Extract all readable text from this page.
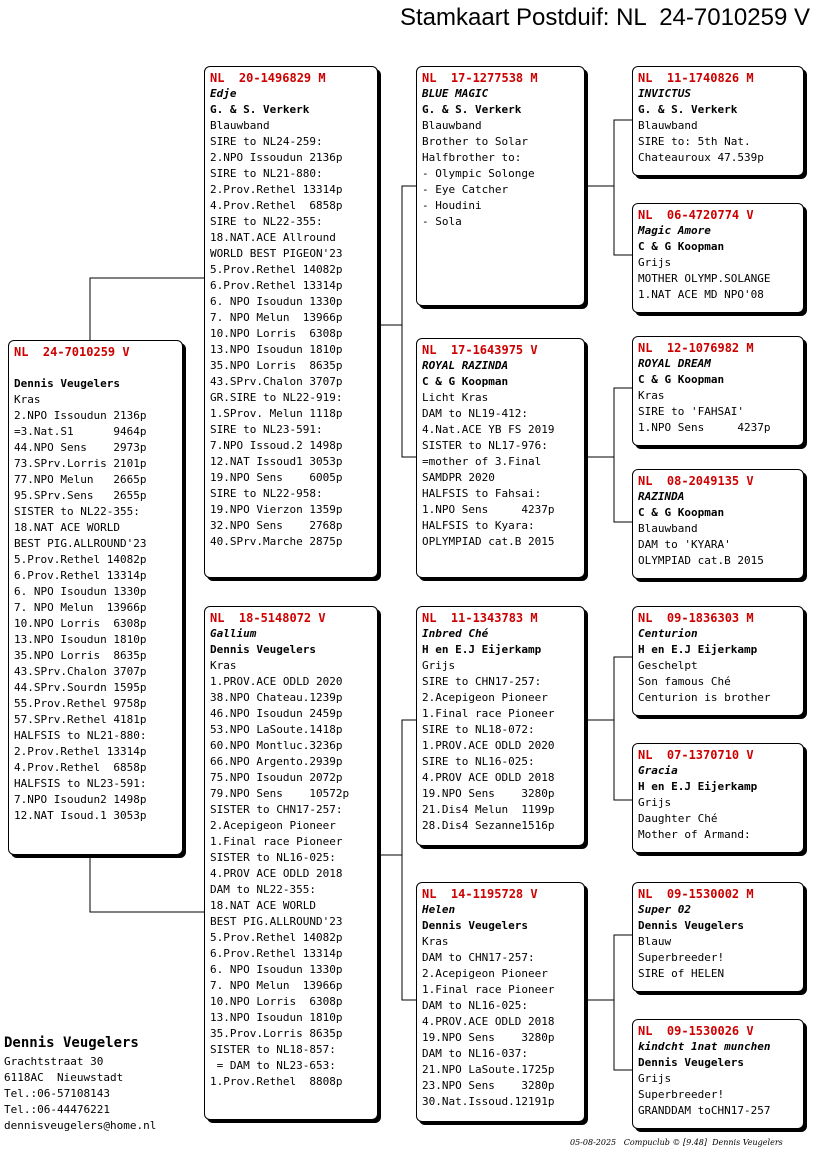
Stamkaart Postduif: NL  24-7010259 V
NL  24-7010259 V

Dennis Veugelers
Kras
2.NPO Issoudun 2136p
=3.Nat.S1      9464p
44.NPO Sens    2973p
73.SPrv.Lorris 2101p
77.NPO Melun   2665p
95.SPrv.Sens   2655p
SISTER to NL22-355:
18.NAT ACE WORLD
BEST PIG.ALLROUND'23
5.Prov.Rethel 14082p
6.Prov.Rethel 13314p
6. NPO Isoudun 1330p
7. NPO Melun  13966p
10.NPO Lorris  6308p
13.NPO Isoudun 1810p
35.NPO Lorris  8635p
43.SPrv.Chalon 3707p
44.SPrv.Sourdn 1595p
55.Prov.Rethel 9758p
57.SPrv.Rethel 4181p
HALFSIS to NL21-880:
2.Prov.Rethel 13314p
4.Prov.Rethel  6858p
HALFSIS to NL23-591:
7.NPO Isoudun2 1498p
12.NAT Isoud.1 3053p
NL  20-1496829 M
Edje
G. & S. Verkerk
Blauwband
SIRE to NL24-259:
2.NPO Issoudun 2136p
SIRE to NL21-880:
2.Prov.Rethel 13314p
4.Prov.Rethel  6858p
SIRE to NL22-355:
18.NAT.ACE Allround
WORLD BEST PIGEON'23
5.Prov.Rethel 14082p
6.Prov.Rethel 13314p
6. NPO Isoudun 1330p
7. NPO Melun  13966p
10.NPO Lorris  6308p
13.NPO Isoudun 1810p
35.NPO Lorris  8635p
43.SPrv.Chalon 3707p
GR.SIRE to NL22-919:
1.SProv. Melun 1118p
SIRE to NL23-591:
7.NPO Issoud.2 1498p
12.NAT Issoud1 3053p
19.NPO Sens    6005p
SIRE to NL22-958:
19.NPO Vierzon 1359p
32.NPO Sens    2768p
40.SPrv.Marche 2875p
NL  18-5148072 V
Gallium
Dennis Veugelers
Kras
1.PROV.ACE ODLD 2020
38.NPO Chateau.1239p
46.NPO Isoudun 2459p
53.NPO LaSoute.1418p
60.NPO Montluc.3236p
66.NPO Argento.2939p
75.NPO Isoudun 2072p
79.NPO Sens    10572p
SISTER to CHN17-257:
2.Acepigeon Pioneer
1.Final race Pioneer
SISTER to NL16-025:
4.PROV ACE ODLD 2018
DAM to NL22-355:
18.NAT ACE WORLD
BEST PIG.ALLROUND'23
5.Prov.Rethel 14082p
6.Prov.Rethel 13314p
6. NPO Isoudun 1330p
7. NPO Melun  13966p
10.NPO Lorris  6308p
13.NPO Isoudun 1810p
35.Prov.Lorris 8635p
SISTER to NL18-857:
= DAM to NL23-653:
1.Prov.Rethel  8808p
NL  17-1277538 M
BLUE MAGIC
G. & S. Verkerk
Blauwband
Brother to Solar
Halfbrother to:
- Olympic Solonge
- Eye Catcher
- Houdini
- Sola
NL  17-1643975 V
ROYAL RAZINDA
C & G Koopman
Licht Kras
DAM to NL19-412:
4.Nat.ACE YB FS 2019
SISTER to NL17-976:
=mother of 3.Final
SAMDPR 2020
HALFSIS to Fahsai:
1.NPO Sens     4237p
HALFSIS to Kyara:
OPLYMPIAD cat.B 2015
NL  11-1343783 M
Inbred Ché
H en E.J Eijerkamp
Grijs
SIRE to CHN17-257:
2.Acepigeon Pioneer
1.Final race Pioneer
SIRE to NL18-072:
1.PROV.ACE ODLD 2020
SIRE to NL16-025:
4.PROV ACE ODLD 2018
19.NPO Sens    3280p
21.Dis4 Melun  1199p
28.Dis4 Sezanne1516p
NL  14-1195728 V
Helen
Dennis Veugelers
Kras
DAM to CHN17-257:
2.Acepigeon Pioneer
1.Final race Pioneer
DAM to NL16-025:
4.PROV.ACE ODLD 2018
19.NPO Sens    3280p
DAM to NL16-037:
21.NPO LaSoute.1725p
23.NPO Sens    3280p
30.Nat.Issoud.12191p
NL  11-1740826 M
INVICTUS
G. & S. Verkerk
Blauwband
SIRE to: 5th Nat.
Chateauroux 47.539p
NL  06-4720774 V
Magic Amore
C & G Koopman
Grijs
MOTHER OLYMP.SOLANGE
1.NAT ACE MD NPO'08
NL  12-1076982 M
ROYAL DREAM
C & G Koopman
Kras
SIRE to 'FAHSAI'
1.NPO Sens     4237p
NL  08-2049135 V
RAZINDA
C & G Koopman
Blauwband
DAM to 'KYARA'
OLYMPIAD cat.B 2015
NL  09-1836303 M
Centurion
H en E.J Eijerkamp
Geschelpt
Son famous Ché
Centurion is brother
NL  07-1370710 V
Gracia
H en E.J Eijerkamp
Grijs
Daughter Ché
Mother of Armand:
NL  09-1530002 M
Super 02
Dennis Veugelers
Blauw
Superbreeder!
SIRE of HELEN
NL  09-1530026 V
kindcht 1nat munchen
Dennis Veugelers
Grijs
Superbreeder!
GRANDDAM toCHN17-257
Dennis Veugelers
Grachtstraat 30
6118AC  Nieuwstadt
Tel.:06-57108143
Tel.:06-44476221
dennisveugelers@home.nl
05-08-2025   Compuclub © [9.48]  Dennis Veugelers
